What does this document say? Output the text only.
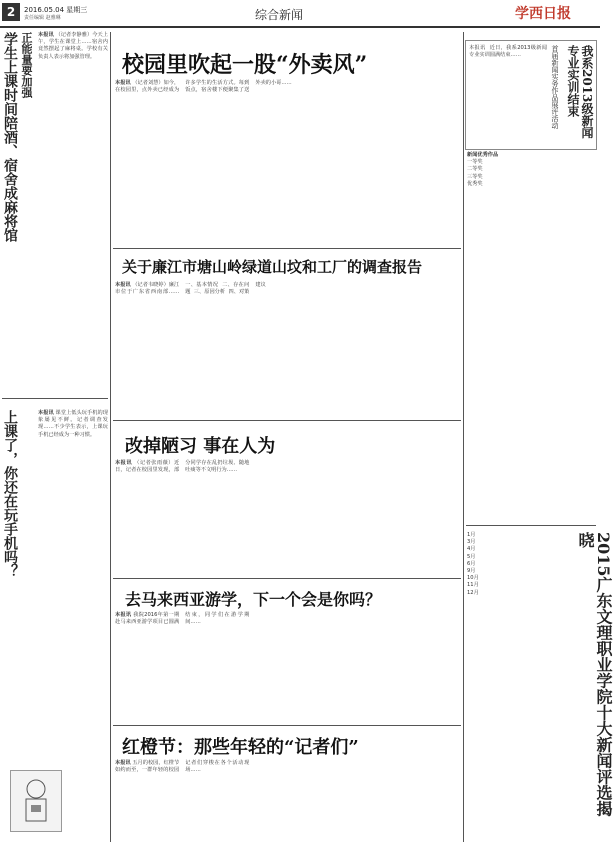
2	2016.05.04 星期三
责任编辑 赵雅琳	综合新闻	学西日报
学生上课时间陪酒、宿舍成麻将馆 正能量要加强 本报讯 （记者李静雅）今天上午，学生在课堂上……宿舍内竟然摆起了麻将桌。学校有关负责人表示将加强管理。
上课了，你还在玩手机吗？	本报讯 课堂上低头玩手机的现象屡见不鲜。记者调查发现……不少学生表示，上课玩手机已经成为一种习惯。
校园里吹起一股“外卖风”
本报讯 （记者刘慧）如今，在校园里，点外卖已经成为许多学生的生活方式。每到饭点，宿舍楼下便聚集了送外卖的小哥……	我系2013级新闻专业实训结束
首届新闻实务作品展评活动
本报讯  近日，我系2013级新闻专业实训圆满结束……
新闻优秀作品
一等奖
二等奖
三等奖
优秀奖
关于廉江市塘山岭绿道山坟和工厂的调查报告
本报讯 （记者韦晓婷）廉江市位于广东省西南部……一、基本情况  二、存在问题  三、原因分析  四、对策建议
改掉陋习 事在人为
本报讯 （记者张雨薇）近日，记者在校园里发现，部分同学存在乱扔垃圾、随地吐痰等不文明行为……
去马来西亚游学，下一个会是你吗？
本报讯 我院2016年第一期赴马来西亚游学项目已圆满结束，同学们在游学期间……
红橙节：那些年轻的“记者们”
本报讯 五月的校园，红橙节如约而至，一群年轻的校园记者们穿梭在各个活动现场……	2015广东文理职业学院十大新闻评选揭晓
1月
3月
4月
5月
6月
9月
10月
11月
12月
